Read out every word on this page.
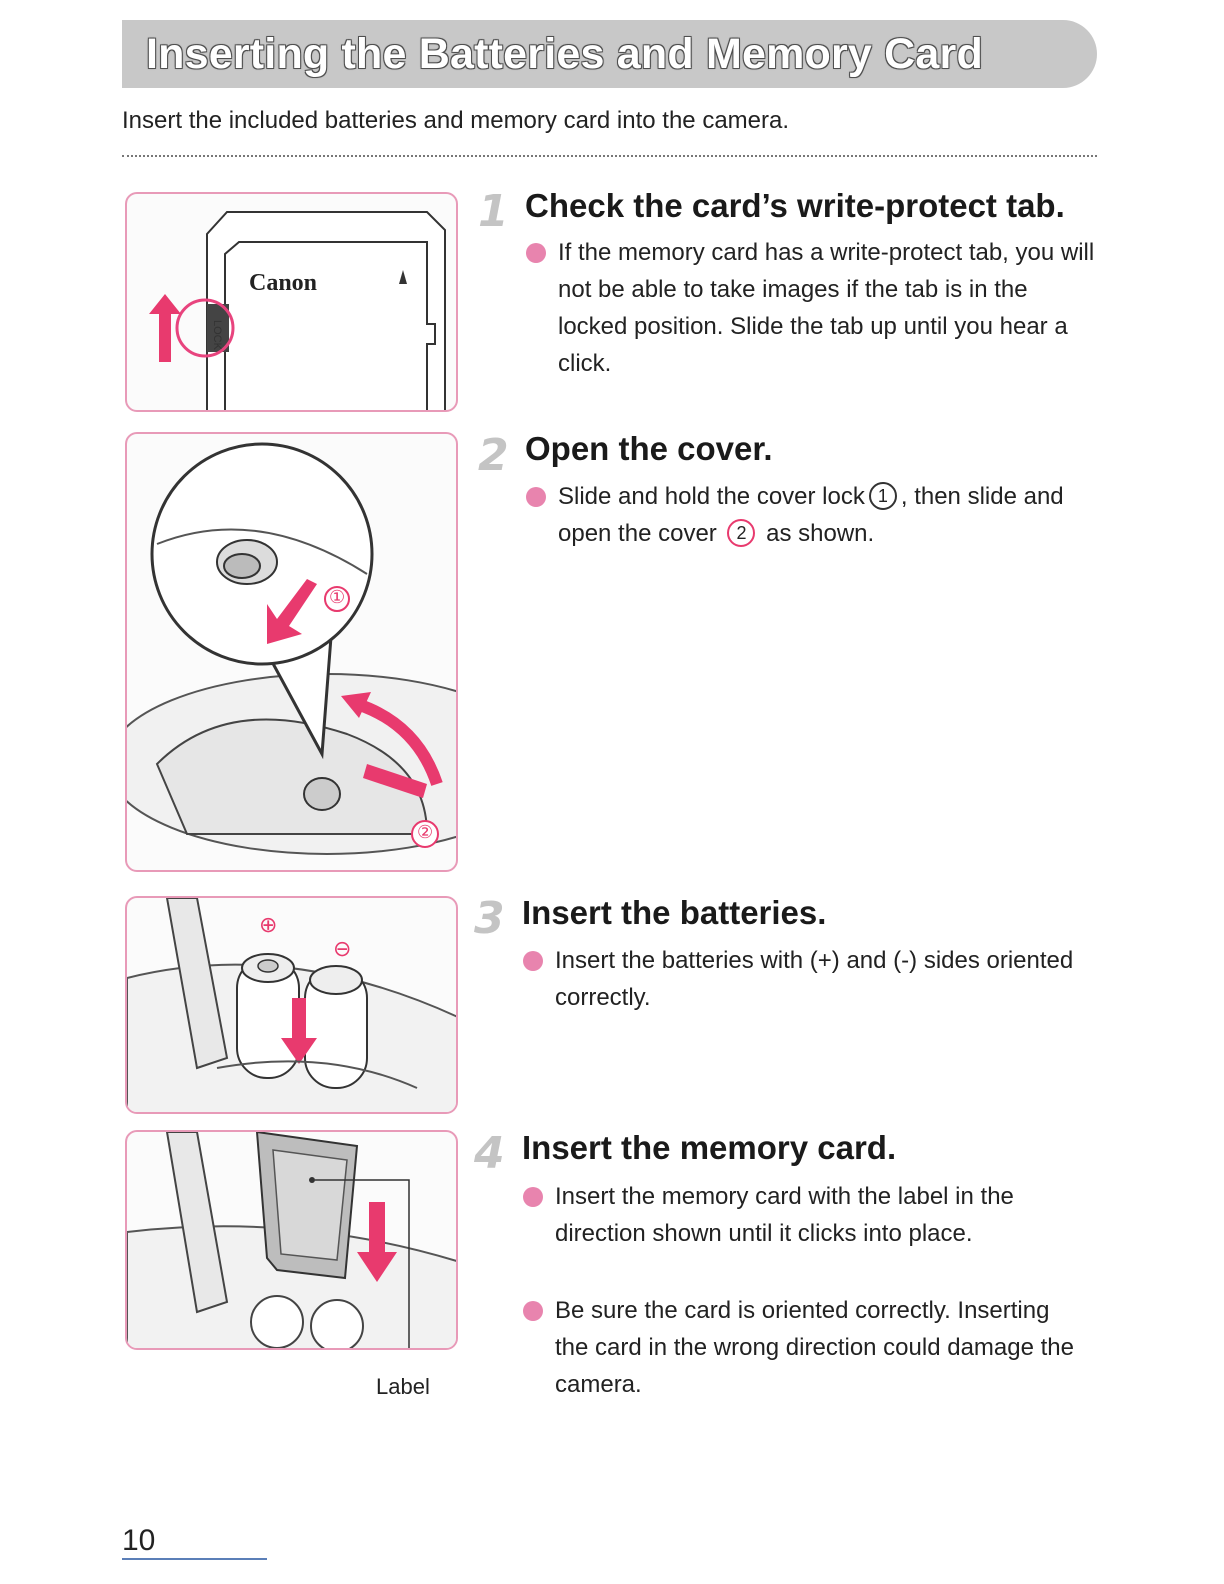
Inserting the Batteries and Memory Card
Insert the included batteries and memory card into the camera.
Canon
LOCK
①
②
⊕
⊖
Label
1 Check the card’s write-protect tab.
If the memory card has a write-protect tab, you will not be able to take images if the tab is in the locked position. Slide the tab up until you hear a click.
2 Open the cover.
Slide and hold the cover lock 1 , then slide and open the cover 2 as shown.
3 Insert the batteries.
Insert the batteries with (+) and (-) sides oriented correctly.
4 Insert the memory card.
Insert the memory card with the label in the direction shown until it clicks into place.
Be sure the card is oriented correctly. Inserting the card in the wrong direction could damage the camera.
10
